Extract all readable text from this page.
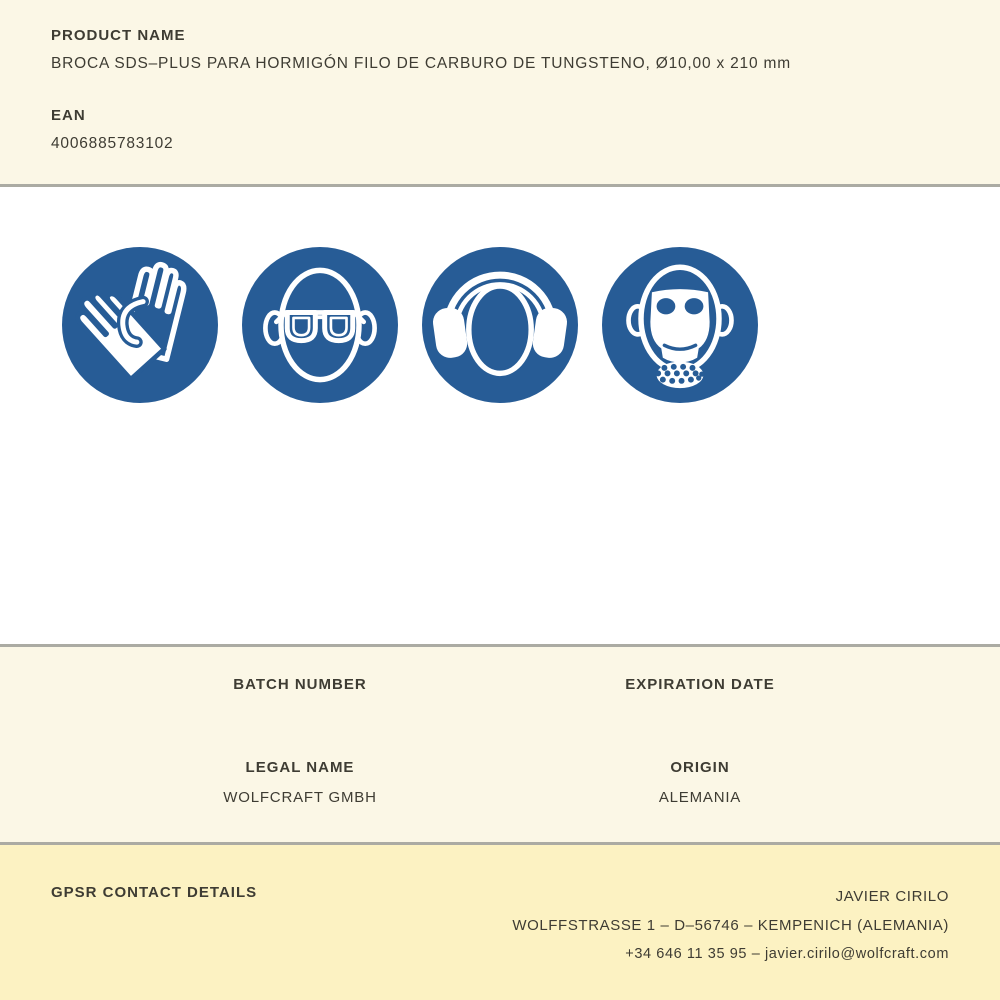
PRODUCT NAME
BROCA SDS–PLUS PARA HORMIGÓN FILO DE CARBURO DE TUNGSTENO, Ø10,00 x 210 mm
EAN
4006885783102
BATCH NUMBER	EXPIRATION DATE
LEGAL NAME
WOLFCRAFT GMBH
ORIGIN
ALEMANIA
GPSR CONTACT DETAILS	JAVIER CIRILO
WOLFFSTRASSE 1 – D–56746 – KEMPENICH (ALEMANIA)
+34 646 11 35 95 – javier.cirilo@wolfcraft.com
